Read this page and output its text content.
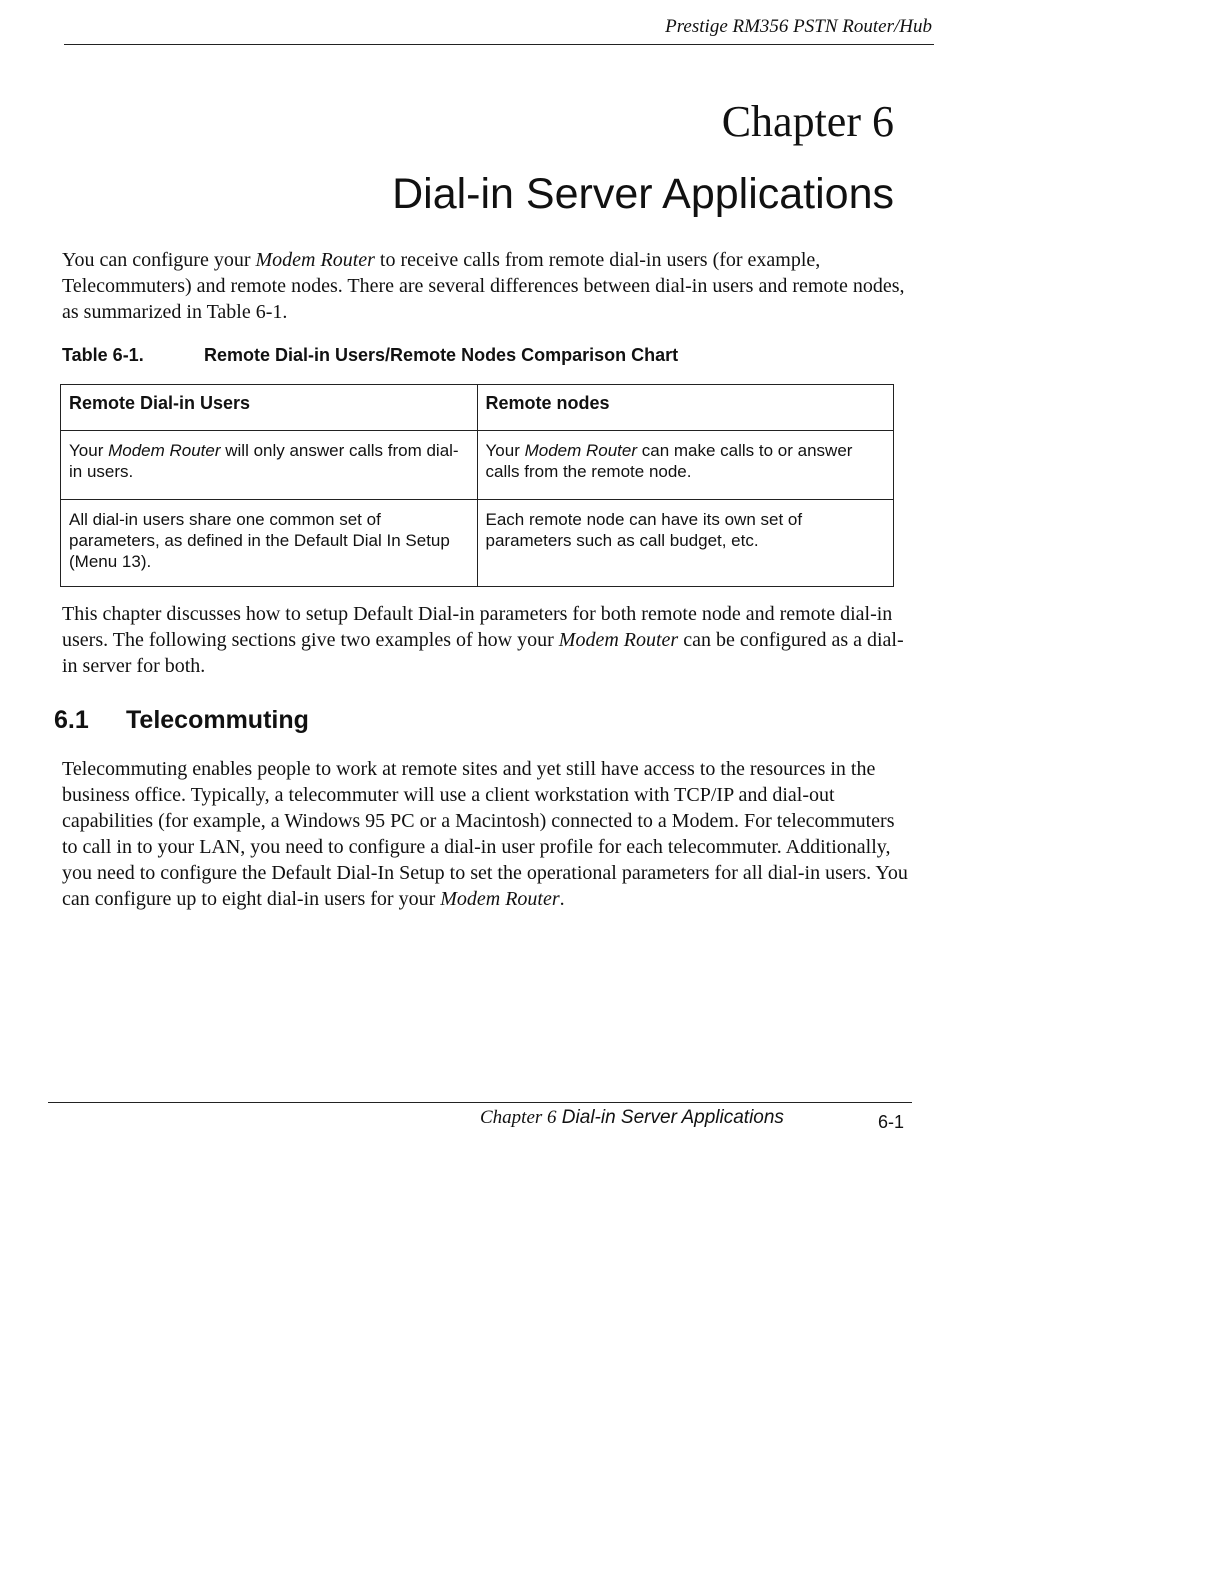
Prestige RM356 PSTN Router/Hub
Chapter 6
Dial-in Server Applications

You can configure your Modem Router to receive calls from remote dial-in users (for example, Telecommuters) and remote nodes. There are several differences between dial-in users and remote nodes, as summarized in Table 6-1.

Table 6-1.	Remote Dial-in Users/Remote Nodes Comparison Chart
Remote Dial-in Users	Remote nodes
Your Modem Router will only answer calls from dial-in users.	Your Modem Router can make calls to or answer calls from the remote node.
All dial-in users share one common set of parameters, as defined in the Default Dial In Setup (Menu 13).	Each remote node can have its own set of parameters such as call budget, etc.

This chapter discusses how to setup Default Dial-in parameters for both remote node and remote dial-in users. The following sections give two examples of how your Modem Router can be configured as a dial-in server for both.

6.1 Telecommuting

Telecommuting enables people to work at remote sites and yet still have access to the resources in the business office. Typically, a telecommuter will use a client workstation with TCP/IP and dial-out capabilities (for example, a Windows 95 PC or a Macintosh) connected to a Modem. For telecommuters to call in to your LAN, you need to configure a dial-in user profile for each telecommuter. Additionally, you need to configure the Default Dial-In Setup to set the operational parameters for all dial-in users. You can configure up to eight dial-in users for your Modem Router.

Chapter 6 Dial-in Server Applications	6-1
